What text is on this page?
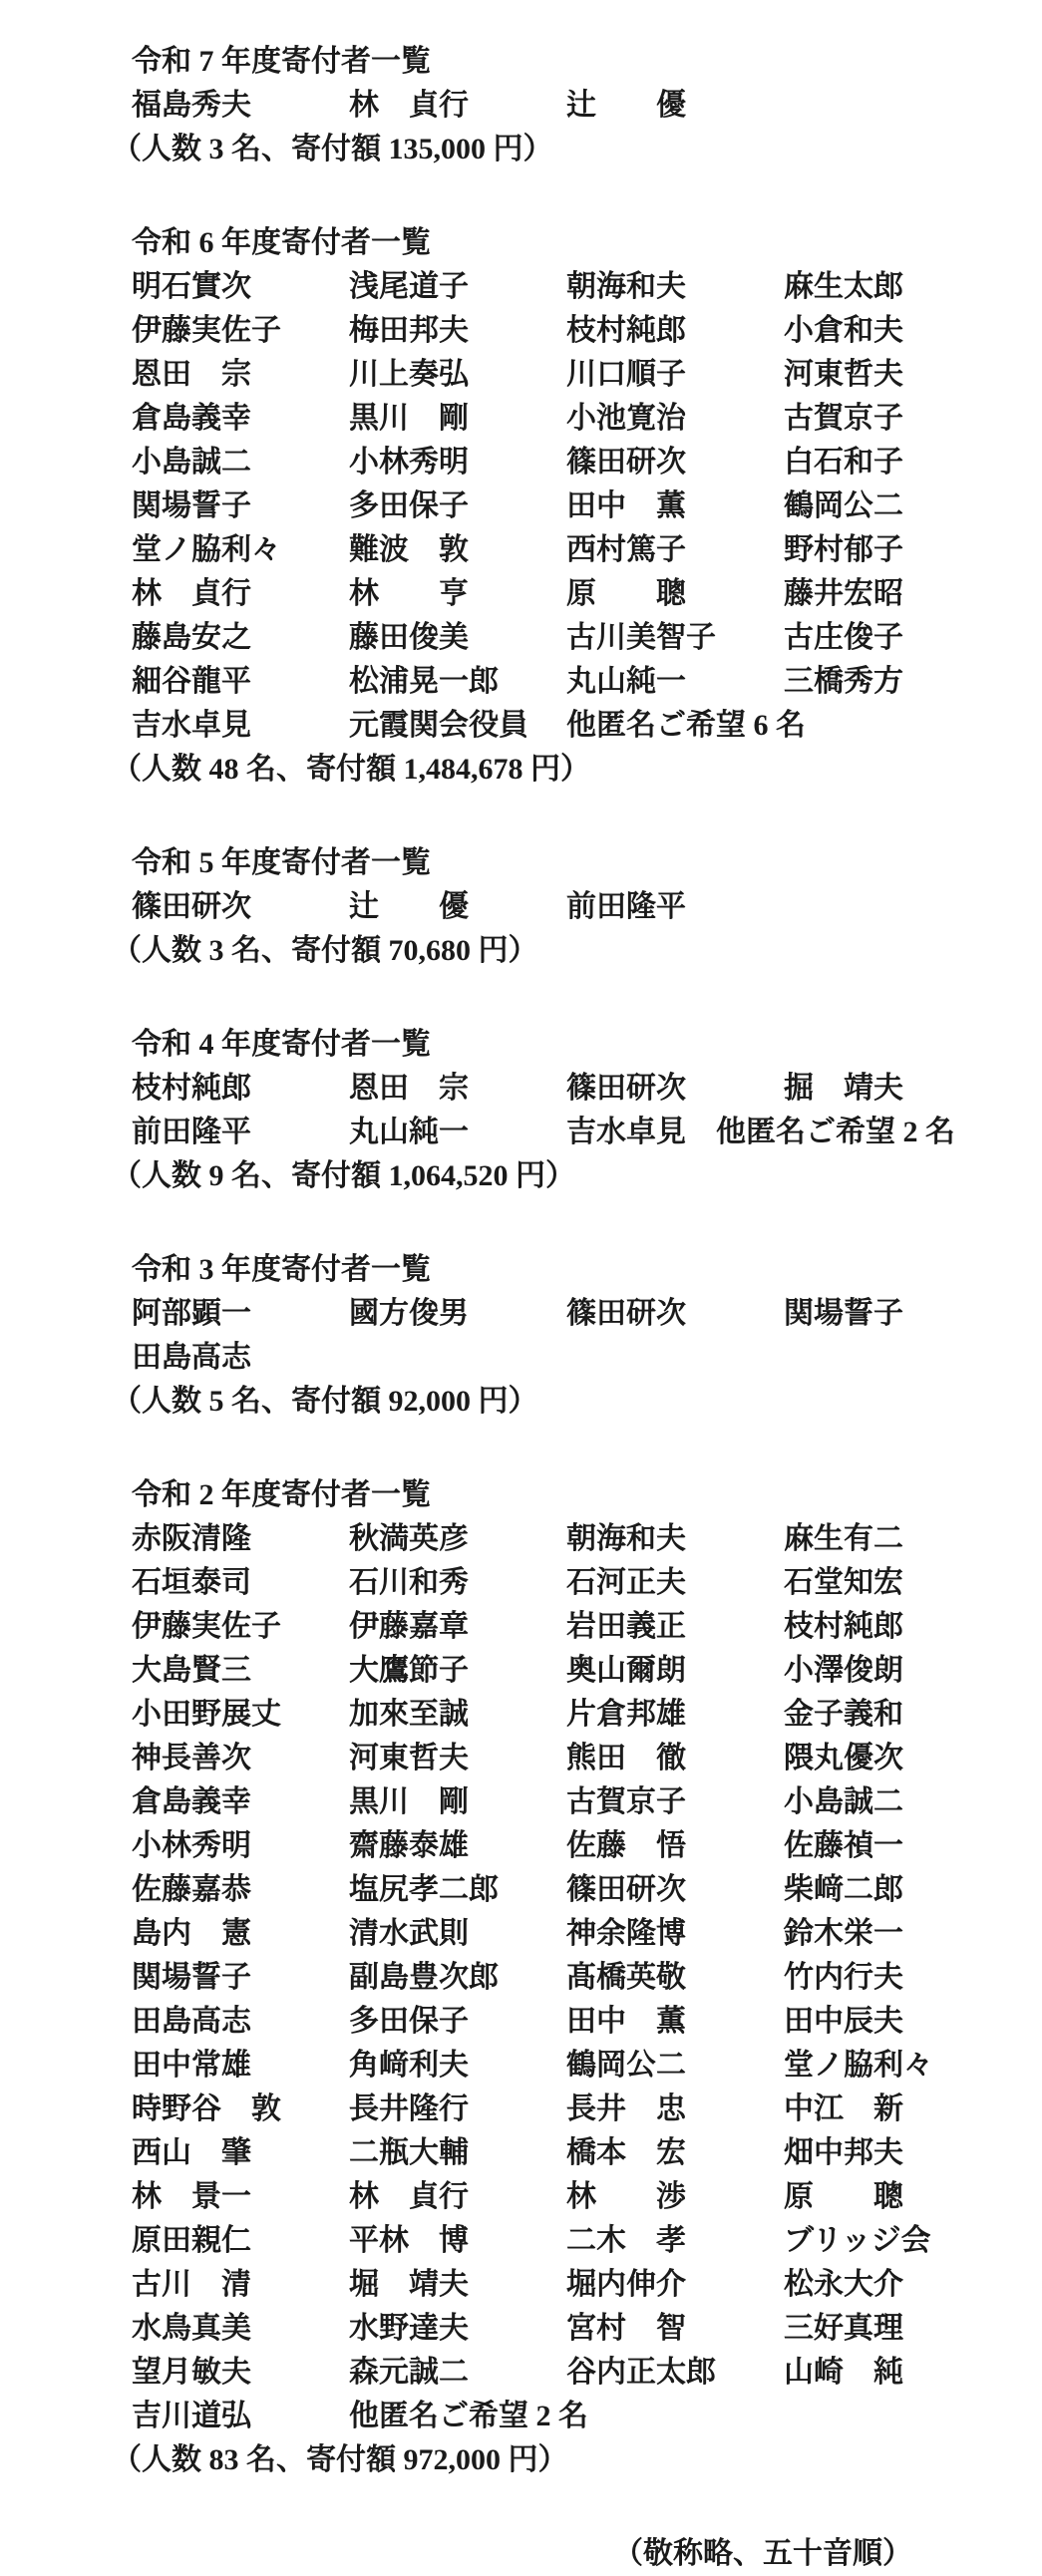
令和 7 年度寄付者一覧
福島秀夫	林　貞行	辻　　優
（人数 3 名、寄付額 135,000 円）
令和 6 年度寄付者一覧
明石實次	浅尾道子	朝海和夫	麻生太郎
伊藤実佐子	梅田邦夫	枝村純郎	小倉和夫
恩田　宗	川上奏弘	川口順子	河東哲夫
倉島義幸	黒川　剛	小池寛治	古賀京子
小島誠二	小林秀明	篠田研次	白石和子
関場誓子	多田保子	田中　薫	鶴岡公二
堂ノ脇利々	難波　敦	西村篤子	野村郁子
林　貞行	林　　亨	原　　聰	藤井宏昭
藤島安之	藤田俊美	古川美智子	古庄俊子
細谷龍平	松浦晃一郎	丸山純一	三橋秀方
吉水卓見	元霞関会役員	他匿名ご希望 6 名
（人数 48 名、寄付額 1,484,678 円）
令和 5 年度寄付者一覧
篠田研次	辻　　優	前田隆平
（人数 3 名、寄付額 70,680 円）
令和 4 年度寄付者一覧
枝村純郎	恩田　宗	篠田研次	掘　靖夫
前田隆平	丸山純一	吉水卓見　他匿名ご希望 2 名
（人数 9 名、寄付額 1,064,520 円）
令和 3 年度寄付者一覧
阿部顕一	國方俊男	篠田研次	関場誓子
田島高志
（人数 5 名、寄付額 92,000 円）
令和 2 年度寄付者一覧
赤阪清隆	秋満英彦	朝海和夫	麻生有二
石垣泰司	石川和秀	石河正夫	石堂知宏
伊藤実佐子	伊藤嘉章	岩田義正	枝村純郎
大島賢三	大鷹節子	奥山爾朗	小澤俊朗
小田野展丈	加來至誠	片倉邦雄	金子義和
神長善次	河東哲夫	熊田　徹	隈丸優次
倉島義幸	黒川　剛	古賀京子	小島誠二
小林秀明	齋藤泰雄	佐藤　悟	佐藤禎一
佐藤嘉恭	塩尻孝二郎	篠田研次	柴﨑二郎
島内　憲	清水武則	神余隆博	鈴木栄一
関場誓子	副島豊次郎	髙橋英敬	竹内行夫
田島高志	多田保子	田中　薫	田中辰夫
田中常雄	角﨑利夫	鶴岡公二	堂ノ脇利々
時野谷　敦	長井隆行	長井　忠	中江　新
西山　肇	二瓶大輔	橋本　宏	畑中邦夫
林　景一	林　貞行	林　　渉	原　　聰
原田親仁	平林　博	二木　孝	ブリッジ会
古川　清	堀　靖夫	堀内伸介	松永大介
水鳥真美	水野達夫	宮村　智	三好真理
望月敏夫	森元誠二	谷内正太郎	山崎　純
吉川道弘	他匿名ご希望 2 名
（人数 83 名、寄付額 972,000 円）
（敬称略、五十音順）
